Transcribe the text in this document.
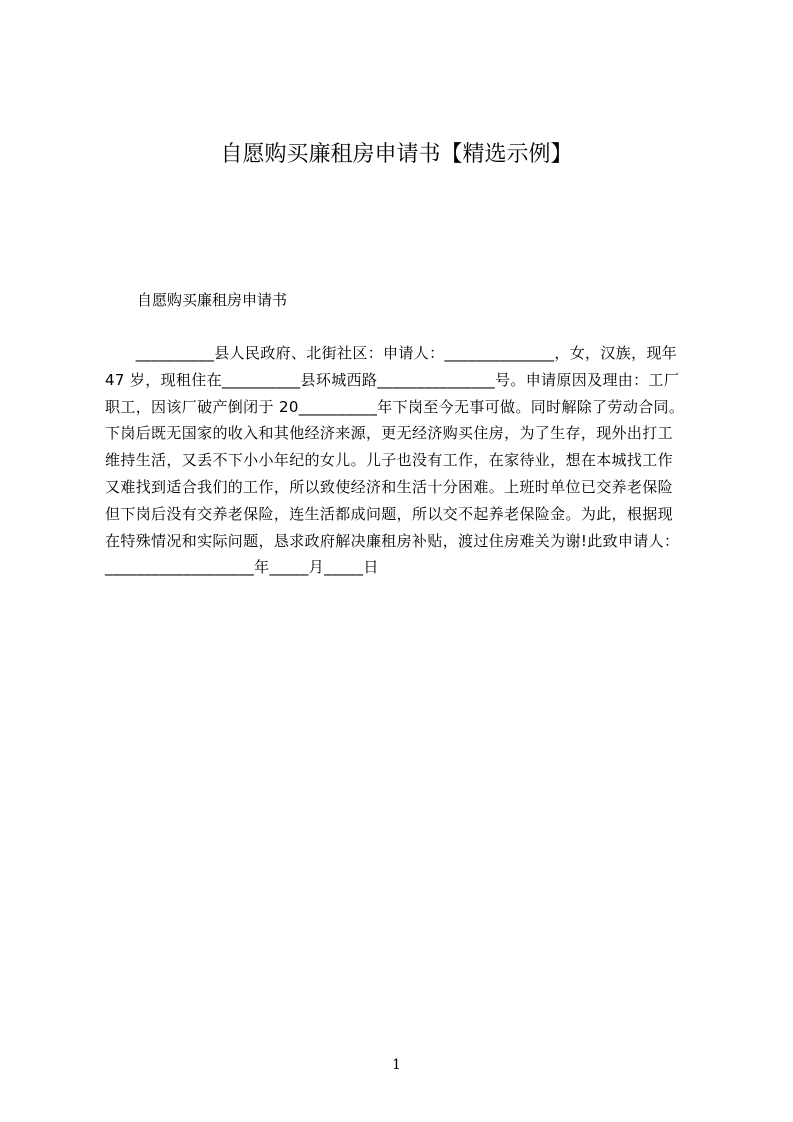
自愿购买廉租房申请书【精选示例】
自愿购买廉租房申请书
__________县人民政府、北街社区：申请人：______________，女，汉族，现年
47 岁，现租住在__________县环城西路_______________号。申请原因及理由：工厂
职工，因该厂破产倒闭于 20__________年下岗至今无事可做。同时解除了劳动合同。
下岗后既无国家的收入和其他经济来源，更无经济购买住房，为了生存，现外出打工
维持生活，又丢不下小小年纪的女儿。儿子也没有工作，在家待业，想在本城找工作
又难找到适合我们的工作，所以致使经济和生活十分困难。上班时单位已交养老保险
但下岗后没有交养老保险，连生活都成问题，所以交不起养老保险金。为此，根据现
在特殊情况和实际问题，恳求政府解决廉租房补贴，渡过住房难关为谢!此致申请人：
___________________年_____月_____日
1
